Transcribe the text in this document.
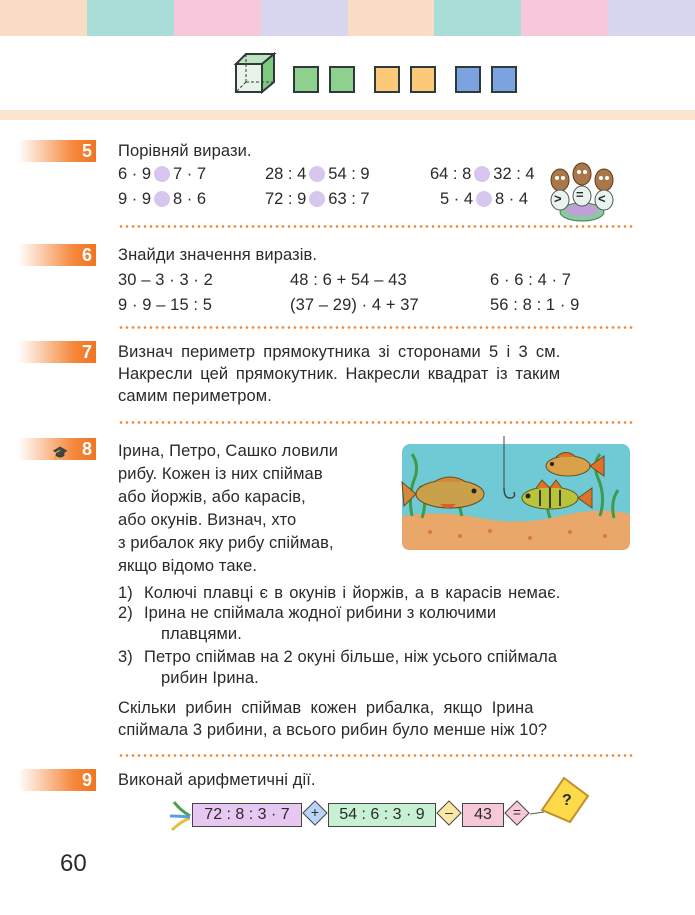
5 Порівняй вирази.
6 · 9 7 · 7	28 : 4 54 : 9	64 : 8 32 : 4
9 · 9 8 · 6	72 : 9 63 : 7	5 · 4 8 · 4 > = <
6 Знайди значення виразів.
30 – 3 · 3 · 2	48 : 6 + 54 – 43	6 · 6 : 4 · 7
9 · 9 – 15 : 5	(37 – 29) · 4 + 37	56 : 8 : 1 · 9
7 Визнач периметр прямокутника зі сторонами 5 і 3 см.
Накресли цей прямокутник. Накресли квадрат із таким
самим периметром.
🎓 8 Ірина, Петро, Сашко ловили
рибу. Кожен із них спіймав
або йоржів, або карасів,
або окунів. Визнач, хто
з рибалок яку рибу спіймав,
якщо відомо таке.
1) Колючі плавці є в окунів і йоржів, а в карасів немає.
2) Ірина не спіймала жодної рибини з колючими
плавцями.
3) Петро спіймав на 2 окуні більше, ніж усього спіймала
рибин Ірина.
Скільки рибин спіймав кожен рибалка, якщо Ірина
спіймала 3 рибини, а всього рибин було менше ніж 10?
9 Виконай арифметичні дії.
72 : 8 : 3 · 7	+	54 : 6 : 3 · 9	–	43	=
?
60
